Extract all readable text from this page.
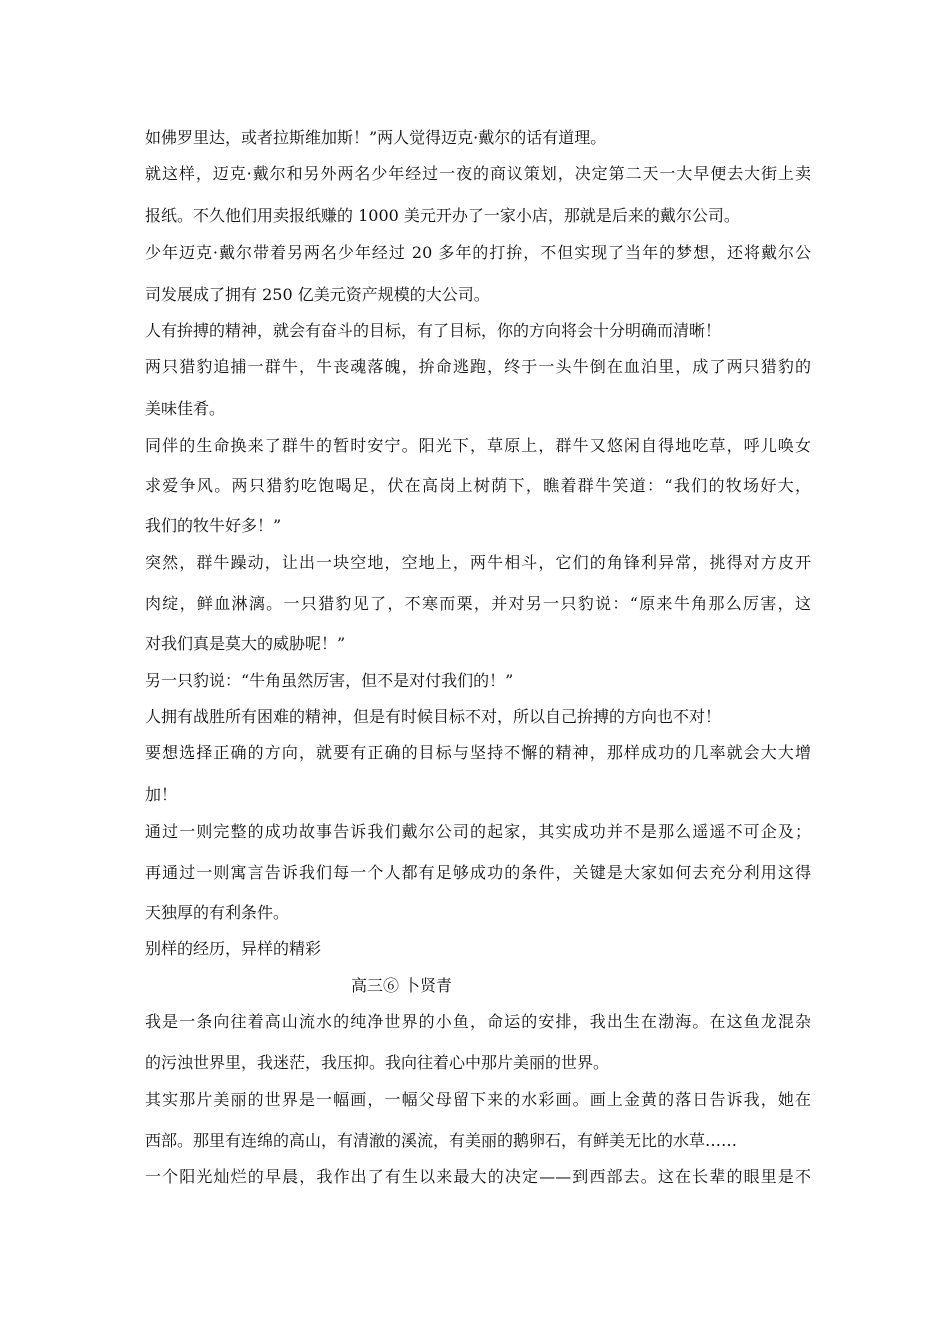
如佛罗里达，或者拉斯维加斯！”两人觉得迈克·戴尔的话有道理。
就这样，迈克·戴尔和另外两名少年经过一夜的商议策划，决定第二天一大早便去大街上卖
报纸。不久他们用卖报纸赚的 1000 美元开办了一家小店，那就是后来的戴尔公司。
少年迈克·戴尔带着另两名少年经过 20 多年的打拚，不但实现了当年的梦想，还将戴尔公
司发展成了拥有 250 亿美元资产规模的大公司。
人有拚搏的精神，就会有奋斗的目标，有了目标，你的方向将会十分明确而清晰！
两只猎豹追捕一群牛，牛丧魂落魄，拚命逃跑，终于一头牛倒在血泊里，成了两只猎豹的
美味佳肴。
同伴的生命换来了群牛的暂时安宁。阳光下，草原上，群牛又悠闲自得地吃草，呼儿唤女
求爱争风。两只猎豹吃饱喝足，伏在高岗上树荫下，瞧着群牛笑道：“我们的牧场好大，
我们的牧牛好多！”
突然，群牛躁动，让出一块空地，空地上，两牛相斗，它们的角锋利异常，挑得对方皮开
肉绽，鲜血淋漓。一只猎豹见了，不寒而栗，并对另一只豹说：“原来牛角那么厉害，这
对我们真是莫大的威胁呢！”
另一只豹说：“牛角虽然厉害，但不是对付我们的！”
人拥有战胜所有困难的精神，但是有时候目标不对，所以自己拚搏的方向也不对！
要想选择正确的方向，就要有正确的目标与坚持不懈的精神，那样成功的几率就会大大增
加！
通过一则完整的成功故事告诉我们戴尔公司的起家，其实成功并不是那么遥遥不可企及；
再通过一则寓言告诉我们每一个人都有足够成功的条件，关键是大家如何去充分利用这得
天独厚的有利条件。
别样的经历，异样的精彩
高三⑥ 卜贤青
我是一条向往着高山流水的纯净世界的小鱼，命运的安排，我出生在渤海。在这鱼龙混杂
的污浊世界里，我迷茫，我压抑。我向往着心中那片美丽的世界。
其实那片美丽的世界是一幅画，一幅父母留下来的水彩画。画上金黄的落日告诉我，她在
西部。那里有连绵的高山，有清澈的溪流，有美丽的鹅卵石，有鲜美无比的水草……
一个阳光灿烂的早晨，我作出了有生以来最大的决定——到西部去。这在长辈的眼里是不
